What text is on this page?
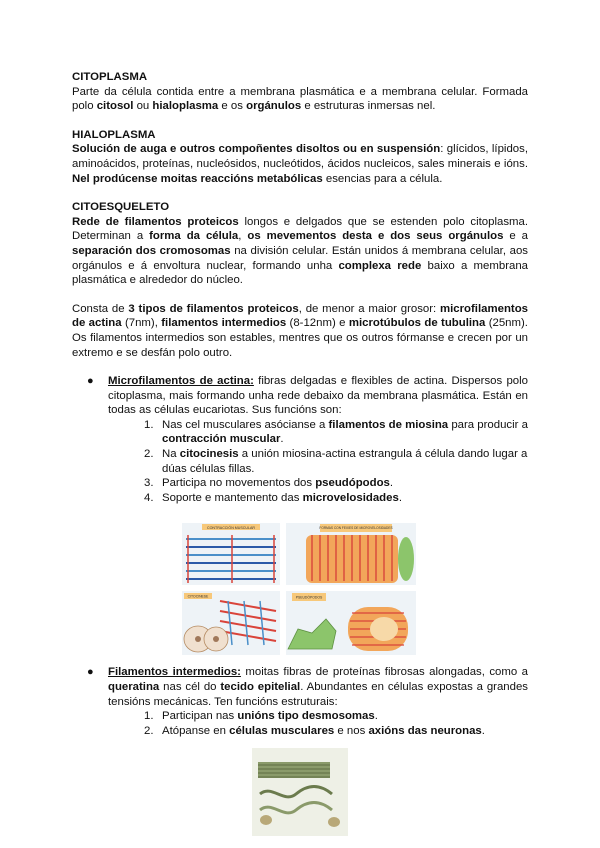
CITOPLASMA

Parte da célula contida entre a membrana plasmática e a membrana celular. Formada polo citosol ou hialoplasma e os orgánulos e estruturas inmersas nel.

HIALOPLASMA

Solución de auga e outros compoñentes disoltos ou en suspensión: glícidos, lípidos, aminoácidos, proteínas, nucleósidos, nucleótidos, ácidos nucleicos, sales minerais e ións. Nel prodúcense moitas reaccións metabólicas esencias para a célula.

CITOESQUELETO

Rede de filamentos proteicos longos e delgados que se estenden polo citoplasma. Determinan a forma da célula, os mevementos desta e dos seus orgánulos e a separación dos cromosomas na división celular. Están unidos á membrana celular, aos orgánulos e á envoltura nuclear, formando unha complexa rede baixo a membrana plasmática e alrededor do núcleo.

Consta de 3 tipos de filamentos proteicos, de menor a maior grosor: microfilamentos de actina (7nm), filamentos intermedios (8-12nm) e microtúbulos de tubulina (25nm). Os filamentos intermedios son estables, mentres que os outros fórmanse e crecen por un extremo e se desfán polo outro.

● Microfilamentos de actina: fibras delgadas e flexibles de actina. Dispersos polo citoplasma, mais formando unha rede debaixo da membrana plasmática. Están en todas as células eucariotas. Sus funcións son:

1. Nas cel musculares asócianse a filamentos de miosina para producir a contracción muscular.
2. Na citocinesis a unión miosina-actina estrangula á célula dando lugar a dúas células fillas.
3. Participa no movementos dos pseudópodos.
4. Soporte e mantemento das microvelosidades.
● Filamentos intermedios: moitas fibras de proteínas fibrosas alongadas, como a queratina nas cél do tecido epitelial. Abundantes en células expostas a grandes tensións mecánicas. Ten funcións estruturais:

1. Participan nas unións tipo desmosomas.
2. Atópanse en células musculares e nos axións das neuronas.
CONTRACCIÓN MUSCULAR	FORMAS CON FEIXES DE MICROVELOSIDADES
CITOCINESE	PSEUDÓPODOS
